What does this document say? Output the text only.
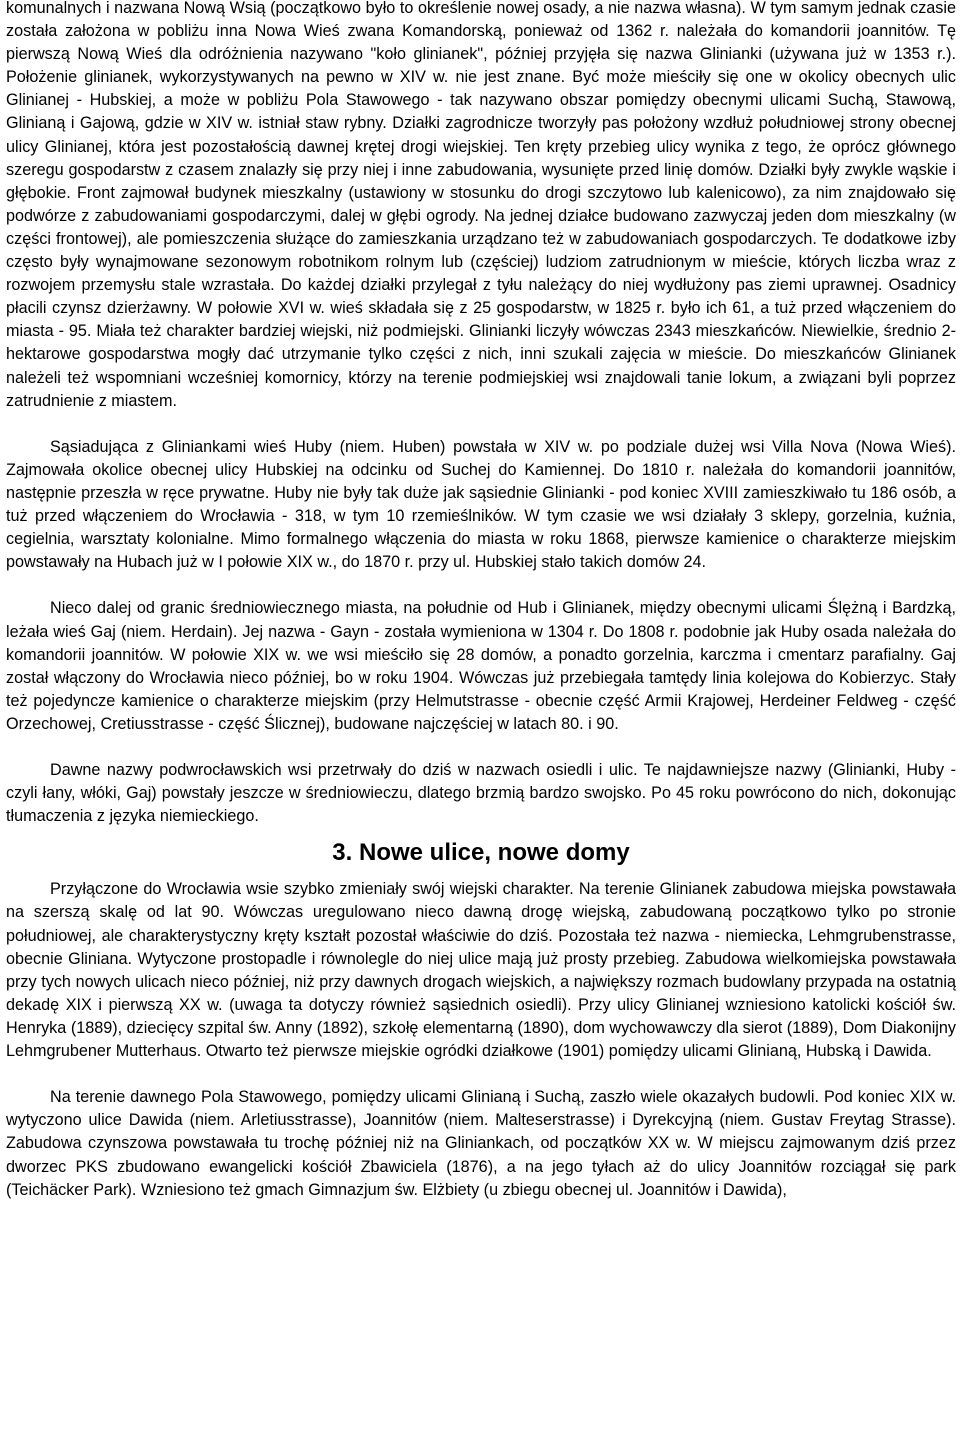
komunalnych i nazwana Nową Wsią (początkowo było to określenie nowej osady, a nie nazwa własna). W tym samym jednak czasie została założona w pobliżu inna Nowa Wieś zwana Komandorską, ponieważ od 1362 r. należała do komandorii joannitów. Tę pierwszą Nową Wieś dla odróżnienia nazywano "koło glinianek", później przyjęła się nazwa Glinianki (używana już w 1353 r.). Położenie glinianek, wykorzystywanych na pewno w XIV w. nie jest znane. Być może mieściły się one w okolicy obecnych ulic Glinianej - Hubskiej, a może w pobliżu Pola Stawowego - tak nazywano obszar pomiędzy obecnymi ulicami Suchą, Stawową, Glinianą i Gajową, gdzie w XIV w. istniał staw rybny. Działki zagrodnicze tworzyły pas położony wzdłuż południowej strony obecnej ulicy Glinianej, która jest pozostałością dawnej krętej drogi wiejskiej. Ten kręty przebieg ulicy wynika z tego, że oprócz głównego szeregu gospodarstw z czasem znalazły się przy niej i inne zabudowania, wysunięte przed linię domów. Działki były zwykle wąskie i głębokie. Front zajmował budynek mieszkalny (ustawiony w stosunku do drogi szczytowo lub kalenicowo), za nim znajdowało się podwórze z zabudowaniami gospodarczymi, dalej w głębi ogrody. Na jednej działce budowano zazwyczaj jeden dom mieszkalny (w części frontowej), ale pomieszczenia służące do zamieszkania urządzano też w zabudowaniach gospodarczych. Te dodatkowe izby często były wynajmowane sezonowym robotnikom rolnym lub (częściej) ludziom zatrudnionym w mieście, których liczba wraz z rozwojem przemysłu stale wzrastała. Do każdej działki przylegał z tyłu należący do niej wydłużony pas ziemi uprawnej. Osadnicy płacili czynsz dzierżawny. W połowie XVI w. wieś składała się z 25 gospodarstw, w 1825 r. było ich 61, a tuż przed włączeniem do miasta - 95. Miała też charakter bardziej wiejski, niż podmiejski. Glinianki liczyły wówczas 2343 mieszkańców. Niewielkie, średnio 2-hektarowe gospodarstwa mogły dać utrzymanie tylko części z nich, inni szukali zajęcia w mieście. Do mieszkańców Glinianek należeli też wspomniani wcześniej komornicy, którzy na terenie podmiejskiej wsi znajdowali tanie lokum, a związani byli poprzez zatrudnienie z miastem.

Sąsiadująca z Gliniankami wieś Huby (niem. Huben) powstała w XIV w. po podziale dużej wsi Villa Nova (Nowa Wieś). Zajmowała okolice obecnej ulicy Hubskiej na odcinku od Suchej do Kamiennej. Do 1810 r. należała do komandorii joannitów, następnie przeszła w ręce prywatne. Huby nie były tak duże jak sąsiednie Glinianki - pod koniec XVIII zamieszkiwało tu 186 osób, a tuż przed włączeniem do Wrocławia - 318, w tym 10 rzemieślników. W tym czasie we wsi działały 3 sklepy, gorzelnia, kuźnia, cegielnia, warsztaty kolonialne. Mimo formalnego włączenia do miasta w roku 1868, pierwsze kamienice o charakterze miejskim powstawały na Hubach już w I połowie XIX w., do 1870 r. przy ul. Hubskiej stało takich domów 24.

Nieco dalej od granic średniowiecznego miasta, na południe od Hub i Glinianek, między obecnymi ulicami Ślężną i Bardzką, leżała wieś Gaj (niem. Herdain). Jej nazwa - Gayn - została wymieniona w 1304 r. Do 1808 r. podobnie jak Huby osada należała do komandorii joannitów. W połowie XIX w. we wsi mieściło się 28 domów, a ponadto gorzelnia, karczma i cmentarz parafialny. Gaj został włączony do Wrocławia nieco później, bo w roku 1904. Wówczas już przebiegała tamtędy linia kolejowa do Kobierzyc. Stały też pojedyncze kamienice o charakterze miejskim (przy Helmutstrasse - obecnie część Armii Krajowej, Herdeiner Feldweg - część Orzechowej, Cretiusstrasse - część Ślicznej), budowane najczęściej w latach 80. i 90.

Dawne nazwy podwrocławskich wsi przetrwały do dziś w nazwach osiedli i ulic. Te najdawniejsze nazwy (Glinianki, Huby - czyli łany, włóki, Gaj) powstały jeszcze w średniowieczu, dlatego brzmią bardzo swojsko. Po 45 roku powrócono do nich, dokonując tłumaczenia z języka niemieckiego.

3. Nowe ulice, nowe domy

Przyłączone do Wrocławia wsie szybko zmieniały swój wiejski charakter. Na terenie Glinianek zabudowa miejska powstawała na szerszą skalę od lat 90. Wówczas uregulowano nieco dawną drogę wiejską, zabudowaną początkowo tylko po stronie południowej, ale charakterystyczny kręty kształt pozostał właściwie do dziś. Pozostała też nazwa - niemiecka, Lehmgrubenstrasse, obecnie Gliniana. Wytyczone prostopadle i równolegle do niej ulice mają już prosty przebieg. Zabudowa wielkomiejska powstawała przy tych nowych ulicach nieco później, niż przy dawnych drogach wiejskich, a największy rozmach budowlany przypada na ostatnią dekadę XIX i pierwszą XX w. (uwaga ta dotyczy również sąsiednich osiedli). Przy ulicy Glinianej wzniesiono katolicki kościół św. Henryka (1889), dziecięcy szpital św. Anny (1892), szkołę elementarną (1890), dom wychowawczy dla sierot (1889), Dom Diakonijny Lehmgrubener Mutterhaus. Otwarto też pierwsze miejskie ogródki działkowe (1901) pomiędzy ulicami Glinianą, Hubską i Dawida.

Na terenie dawnego Pola Stawowego, pomiędzy ulicami Glinianą i Suchą, zaszło wiele okazałych budowli. Pod koniec XIX w. wytyczono ulice Dawida (niem. Arletiusstrasse), Joannitów (niem. Malteserstrasse) i Dyrekcyjną (niem. Gustav Freytag Strasse). Zabudowa czynszowa powstawała tu trochę później niż na Gliniankach, od początków XX w. W miejscu zajmowanym dziś przez dworzec PKS zbudowano ewangelicki kościół Zbawiciela (1876), a na jego tyłach aż do ulicy Joannitów rozciągał się park (Teichäcker Park). Wzniesiono też gmach Gimnazjum św. Elżbiety (u zbiegu obecnej ul. Joannitów i Dawida),
